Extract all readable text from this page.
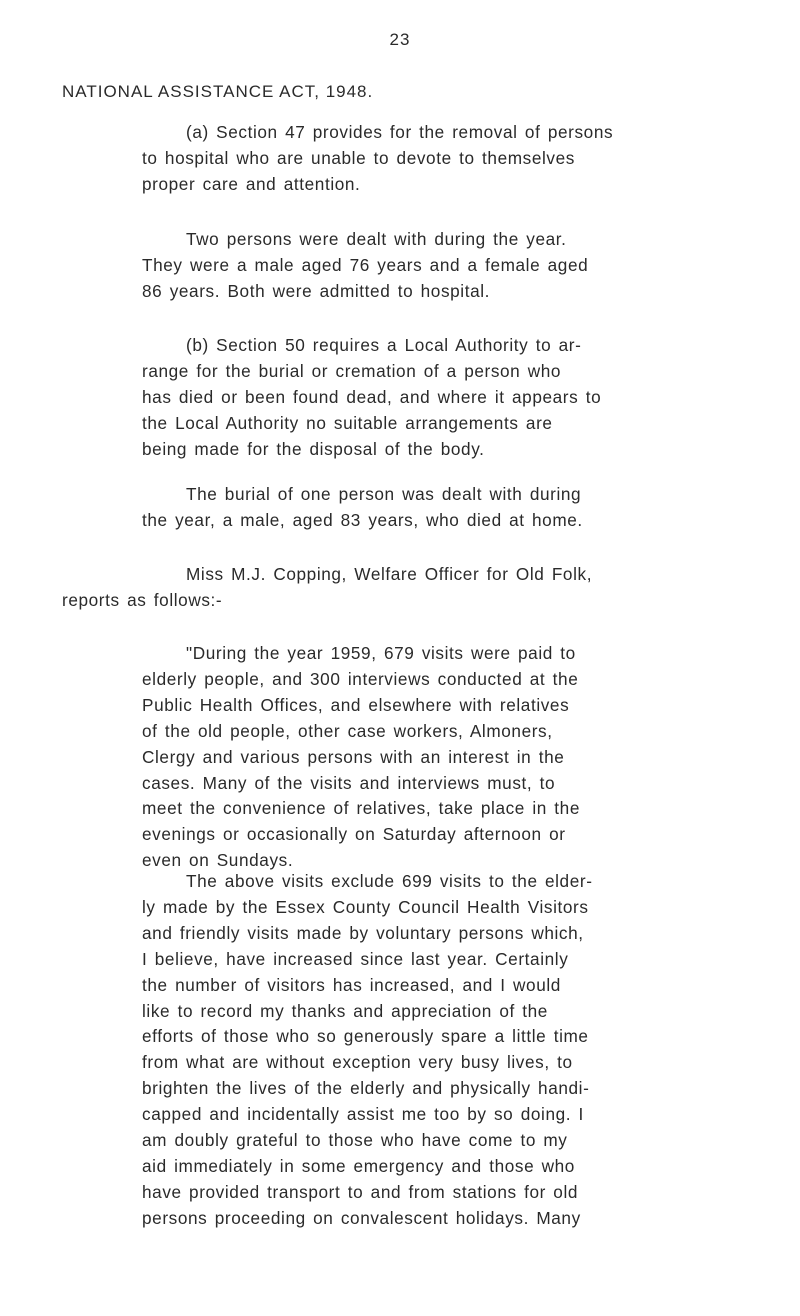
23
NATIONAL ASSISTANCE ACT, 1948.

(a) Section 47 provides for the removal of persons
to hospital who are unable to devote to themselves
proper care and attention.

Two persons were dealt with during the year.
They were a male aged 76 years and a female aged
86 years. Both were admitted to hospital.

(b) Section 50 requires a Local Authority to ar-
range for the burial or cremation of a person who
has died or been found dead, and where it appears to
the Local Authority no suitable arrangements are
being made for the disposal of the body.

The burial of one person was dealt with during
the year, a male, aged 83 years, who died at home.

Miss M.J. Copping, Welfare Officer for Old Folk,
reports as follows:-

"During the year 1959, 679 visits were paid to
elderly people, and 300 interviews conducted at the
Public Health Offices, and elsewhere with relatives
of the old people, other case workers, Almoners,
Clergy and various persons with an interest in the
cases. Many of the visits and interviews must, to
meet the convenience of relatives, take place in the
evenings or occasionally on Saturday afternoon or
even on Sundays.

The above visits exclude 699 visits to the elder-
ly made by the Essex County Council Health Visitors
and friendly visits made by voluntary persons which,
I believe, have increased since last year. Certainly
the number of visitors has increased, and I would
like to record my thanks and appreciation of the
efforts of those who so generously spare a little time
from what are without exception very busy lives, to
brighten the lives of the elderly and physically handi-
capped and incidentally assist me too by so doing. I
am doubly grateful to those who have come to my
aid immediately in some emergency and those who
have provided transport to and from stations for old
persons proceeding on convalescent holidays. Many
